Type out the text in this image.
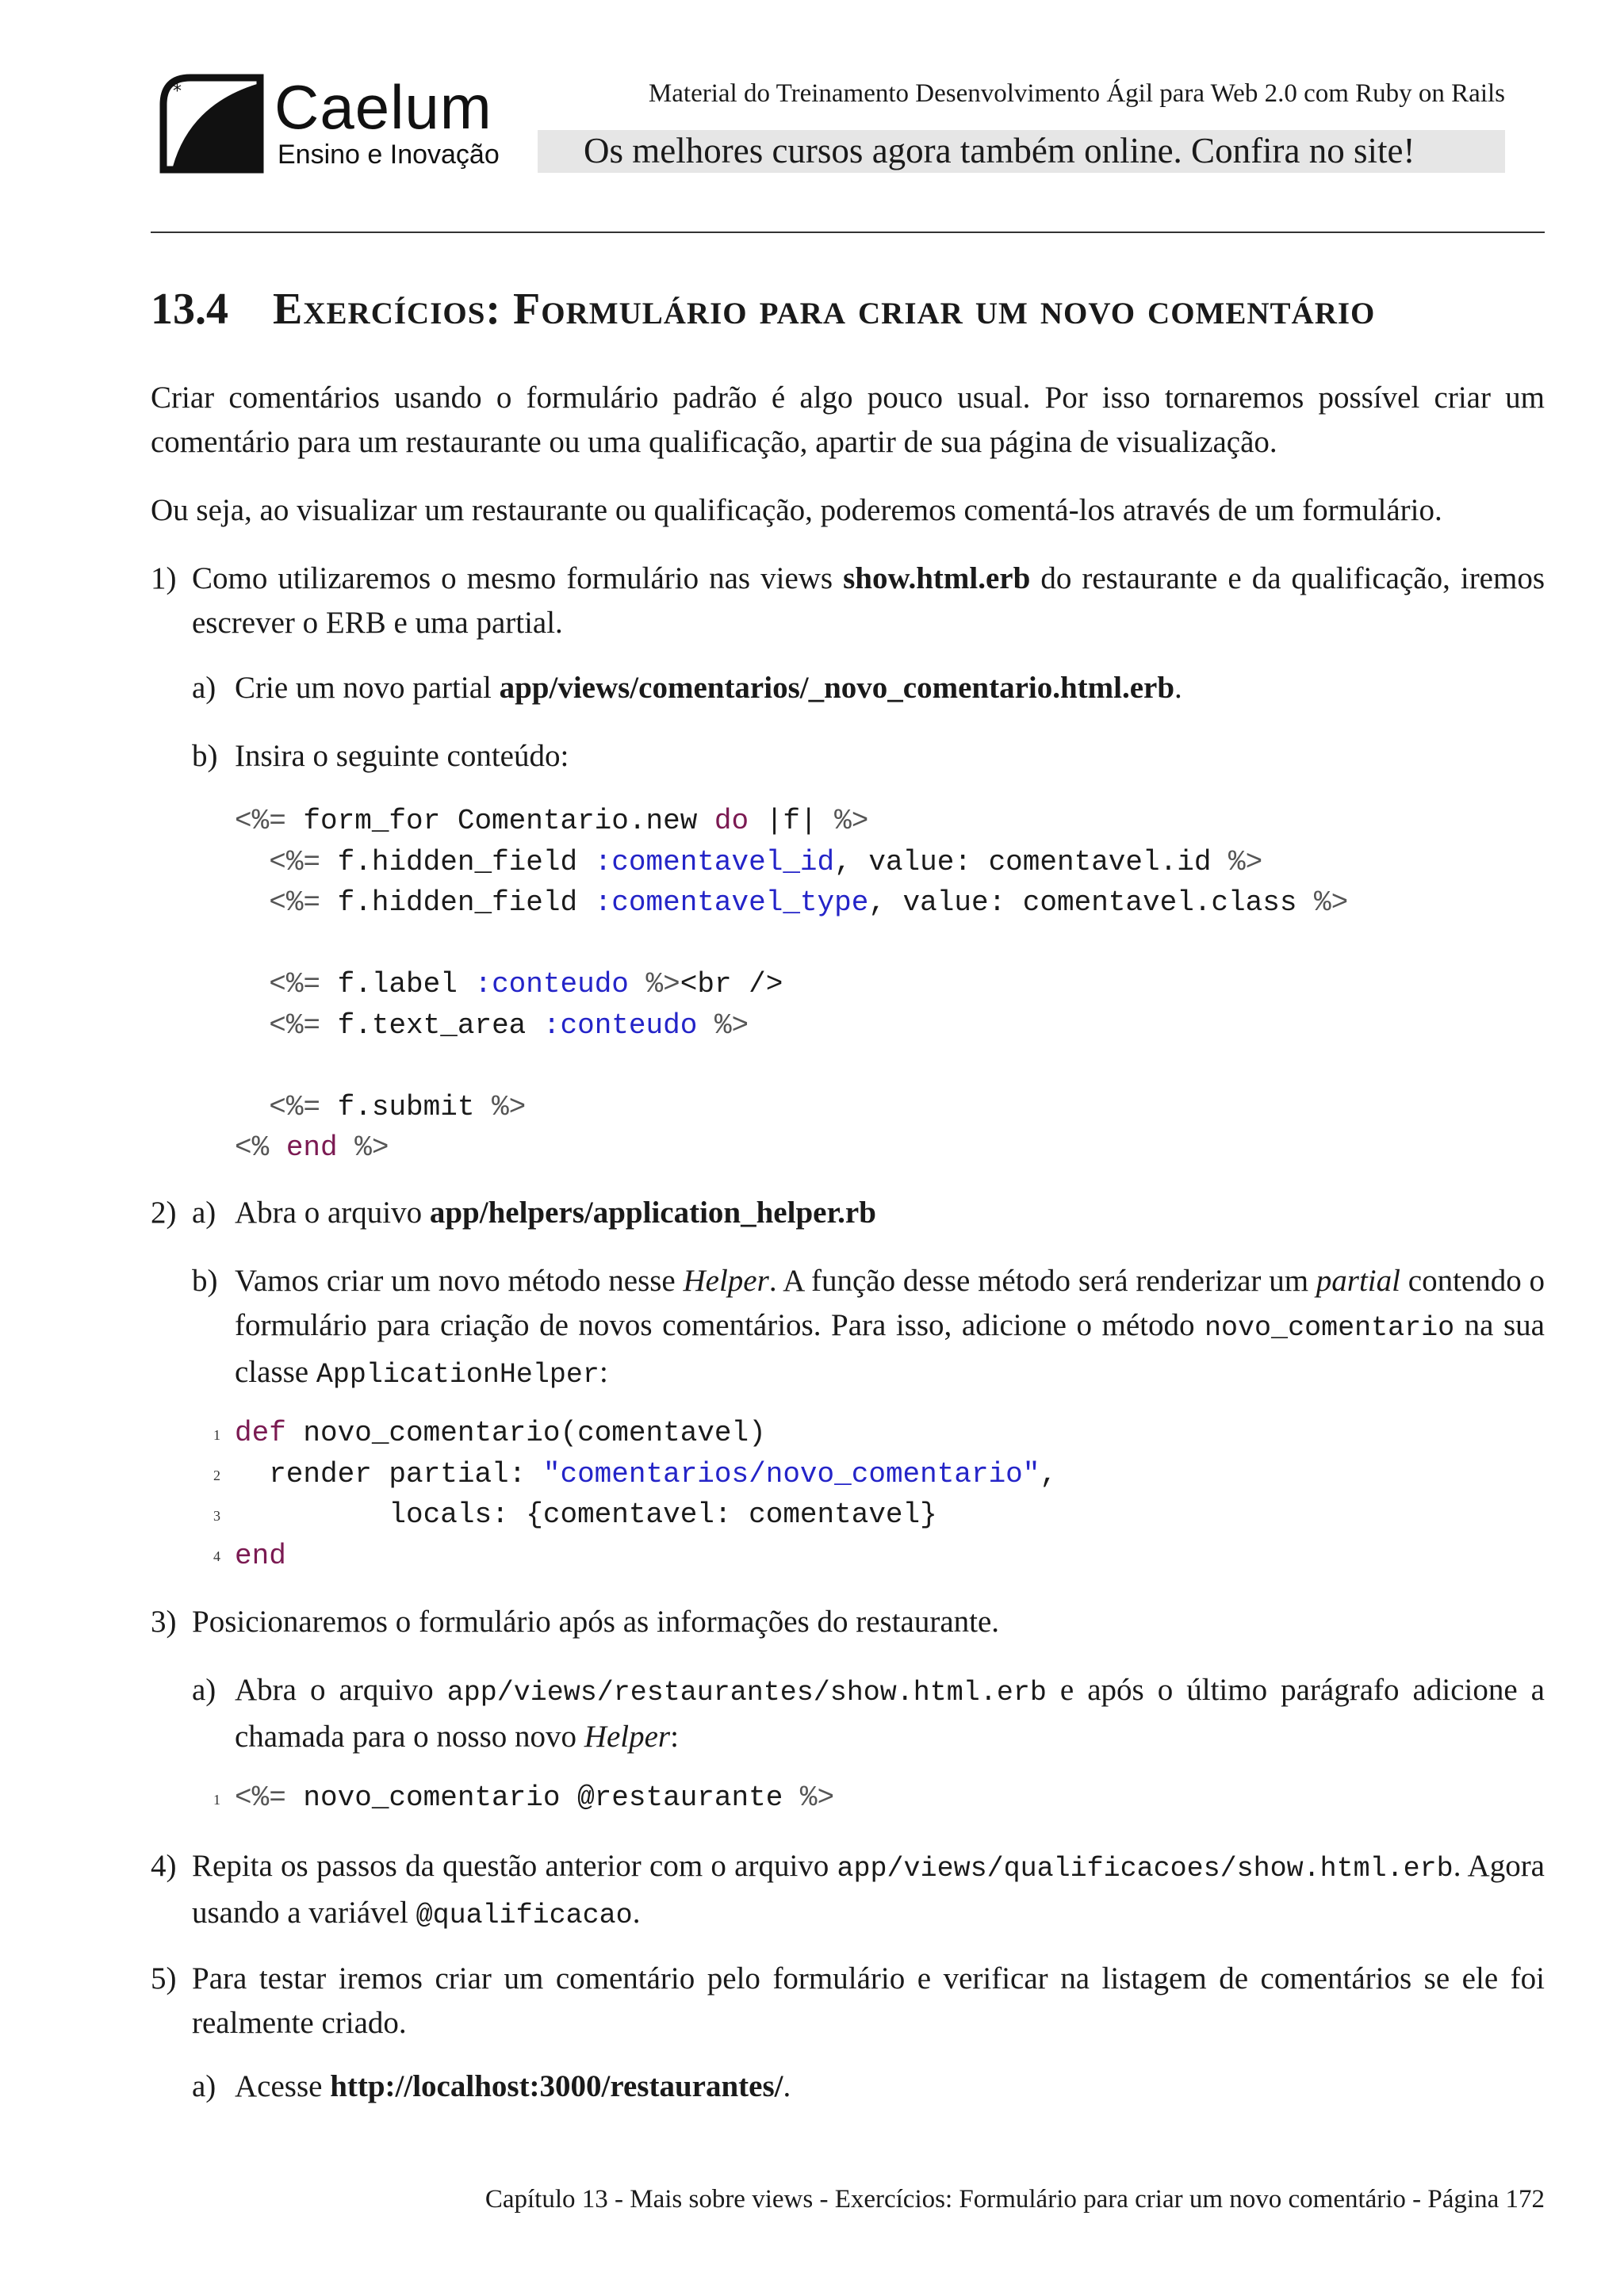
* Caelum
Ensino e Inovação
Material do Treinamento Desenvolvimento Ágil para Web 2.0 com Ruby on Rails
Os melhores cursos agora também online. Confira no site!
13.4 Exercícios: Formulário para criar um novo comentário
Criar comentários usando o formulário padrão é algo pouco usual. Por isso tornaremos possível criar um comentário para um restaurante ou uma qualificação, apartir de sua página de visualização.
Ou seja, ao visualizar um restaurante ou qualificação, poderemos comentá-los através de um formulário.
1) Como utilizaremos o mesmo formulário nas views show.html.erb do restaurante e da qualificação, iremos escrever o ERB e uma partial.
a) Crie um novo partial app/views/comentarios/_novo_comentario.html.erb.
b) Insira o seguinte conteúdo:
<%= form_for Comentario.new do |f| %>
<%= f.hidden_field :comentavel_id, value: comentavel.id %>
<%= f.hidden_field :comentavel_type, value: comentavel.class %>

<%= f.label :conteudo %><br />
<%= f.text_area :conteudo %>

<%= f.submit %>
<% end %>
2) a) Abra o arquivo app/helpers/application_helper.rb
b) Vamos criar um novo método nesse Helper. A função desse método será renderizar um partial contendo o formulário para criação de novos comentários. Para isso, adicione o método novo_comentario na sua classe ApplicationHelper:
1
2
3
4
def novo_comentario(comentavel)
render partial: "comentarios/novo_comentario",
locals: {comentavel: comentavel}
end
3) Posicionaremos o formulário após as informações do restaurante.
a) Abra o arquivo app/views/restaurantes/show.html.erb e após o último parágrafo adicione a chamada para o nosso novo Helper:
1 <%= novo_comentario @restaurante %>
4) Repita os passos da questão anterior com o arquivo app/views/qualificacoes/show.html.erb. Agora usando a variável @qualificacao.
5) Para testar iremos criar um comentário pelo formulário e verificar na listagem de comentários se ele foi realmente criado.
a) Acesse http://localhost:3000/restaurantes/.
Capítulo 13 - Mais sobre views - Exercícios: Formulário para criar um novo comentário - Página 172
